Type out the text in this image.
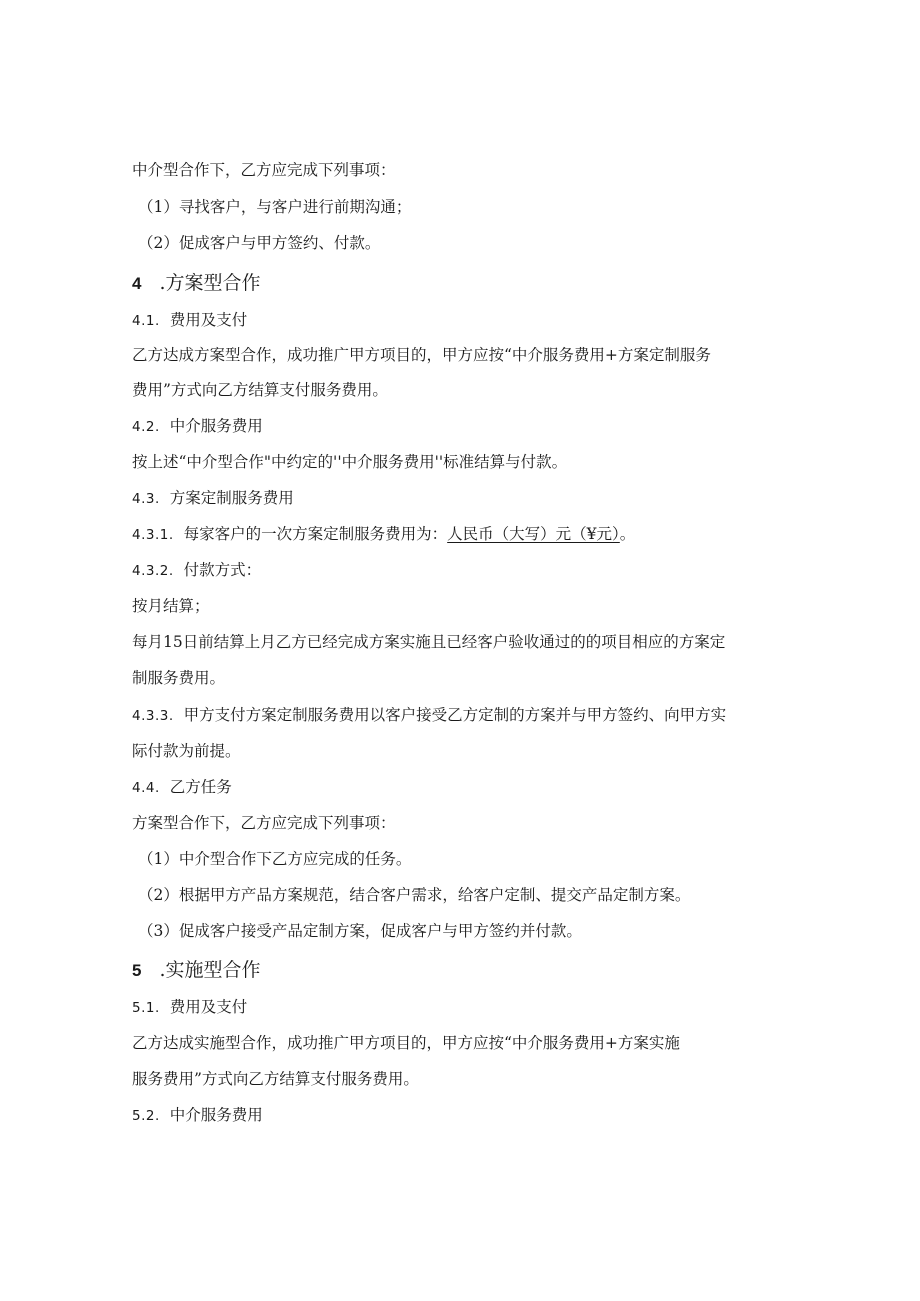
中介型合作下，乙方应完成下列事项：
（1）寻找客户，与客户进行前期沟通；
（2）促成客户与甲方签约、付款。
4 .方案型合作
4.1. 费用及支付
乙方达成方案型合作，成功推广甲方项目的，甲方应按“中介服务费用+方案定制服务
费用”方式向乙方结算支付服务费用。
4.2. 中介服务费用
按上述“中介型合作"中约定的''中介服务费用''标准结算与付款。
4.3. 方案定制服务费用
4.3.1. 每家客户的一次方案定制服务费用为：人民币（大写）元（¥元）。
4.3.2. 付款方式：
按月结算；
每月15日前结算上月乙方已经完成方案实施且已经客户验收通过的的项目相应的方案定
制服务费用。
4.3.3. 甲方支付方案定制服务费用以客户接受乙方定制的方案并与甲方签约、向甲方实
际付款为前提。
4.4. 乙方任务
方案型合作下，乙方应完成下列事项：
（1）中介型合作下乙方应完成的任务。
（2）根据甲方产品方案规范，结合客户需求，给客户定制、提交产品定制方案。
（3）促成客户接受产品定制方案，促成客户与甲方签约并付款。
5 .实施型合作
5.1. 费用及支付
乙方达成实施型合作，成功推广甲方项目的，甲方应按“中介服务费用+方案实施
服务费用”方式向乙方结算支付服务费用。
5.2. 中介服务费用
